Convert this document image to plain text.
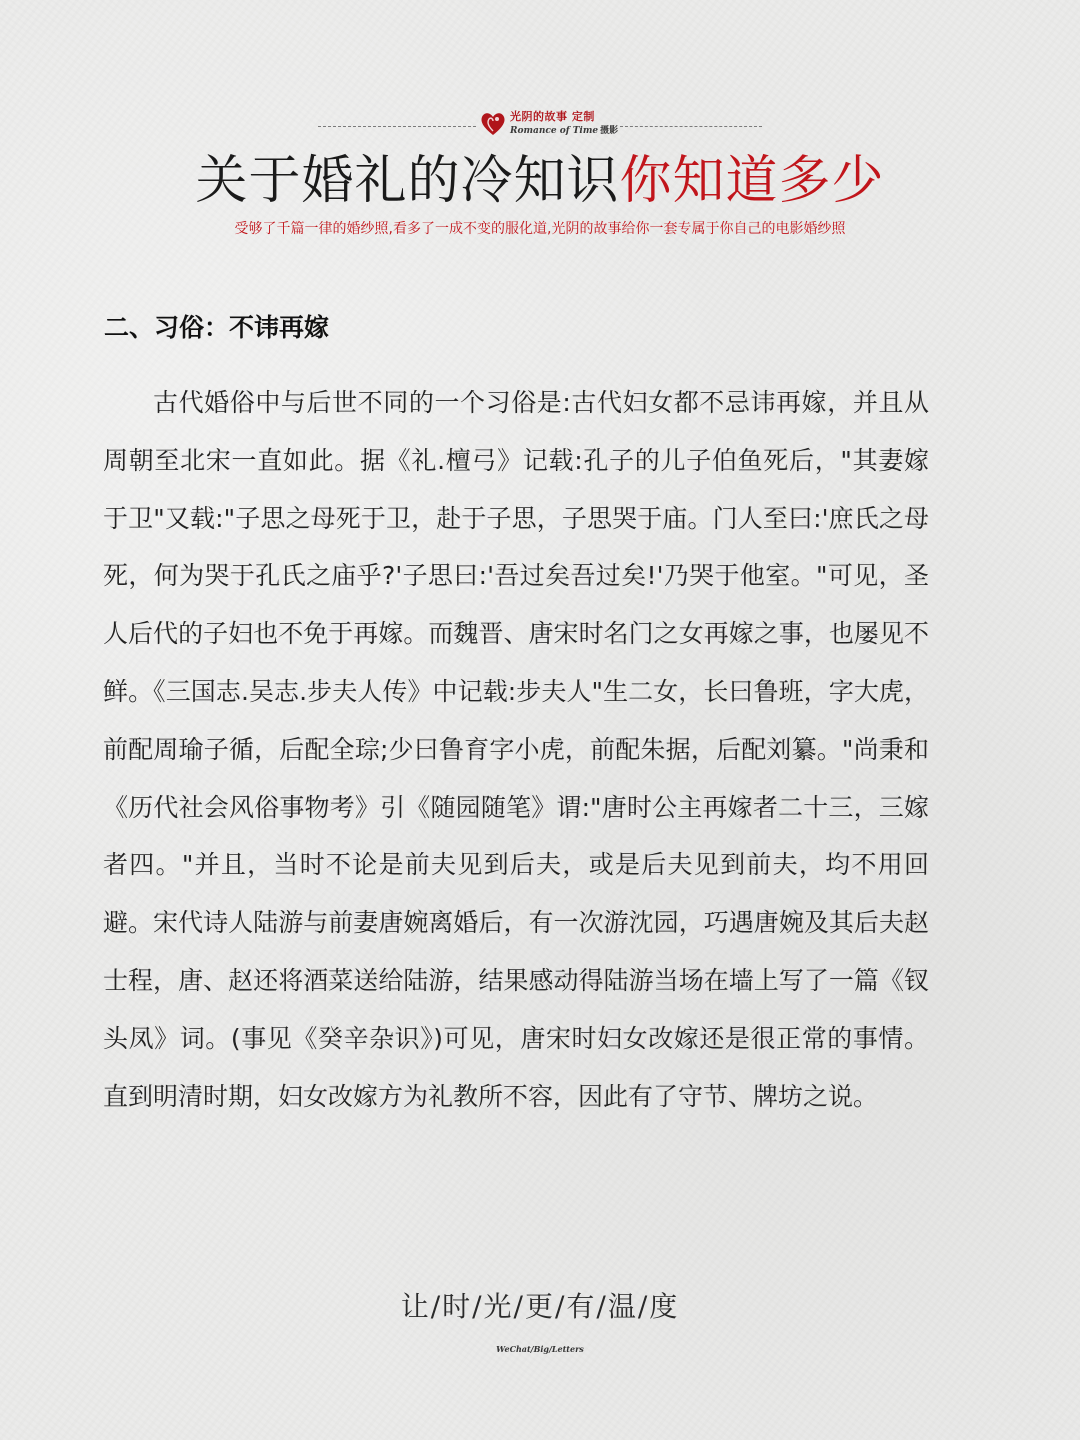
光阴的故事 定制
Romance of Time 摄影
关于婚礼的冷知识你知道多少
受够了千篇一律的婚纱照,看多了一成不变的服化道,光阴的故事给你一套专属于你自己的电影婚纱照
二、习俗：不讳再嫁

古代婚俗中与后世不同的一个习俗是:古代妇女都不忌讳再嫁，并且从周朝至北宋一直如此。据《礼.檀弓》记载:孔子的儿子伯鱼死后，"其妻嫁于卫"又载:"子思之母死于卫，赴于子思，子思哭于庙。门人至曰:'庶氏之母死，何为哭于孔氏之庙乎?'子思曰:'吾过矣吾过矣!'乃哭于他室。"可见，圣人后代的子妇也不免于再嫁。而魏晋、唐宋时名门之女再嫁之事，也屡见不鲜。《三国志.吴志.步夫人传》中记载:步夫人"生二女，长曰鲁班，字大虎，前配周瑜子循，后配全琮;少曰鲁育字小虎，前配朱据，后配刘纂。"尚秉和《历代社会风俗事物考》引《随园随笔》谓:"唐时公主再嫁者二十三，三嫁者四。"并且，当时不论是前夫见到后夫，或是后夫见到前夫，均不用回避。宋代诗人陆游与前妻唐婉离婚后，有一次游沈园，巧遇唐婉及其后夫赵士程，唐、赵还将酒菜送给陆游，结果感动得陆游当场在墙上写了一篇《钗头凤》词。(事见《癸辛杂识》)可见，唐宋时妇女改嫁还是很正常的事情。直到明清时期，妇女改嫁方为礼教所不容，因此有了守节、牌坊之说。

让/时/光/更/有/温/度
WeChat/Big/Letters
